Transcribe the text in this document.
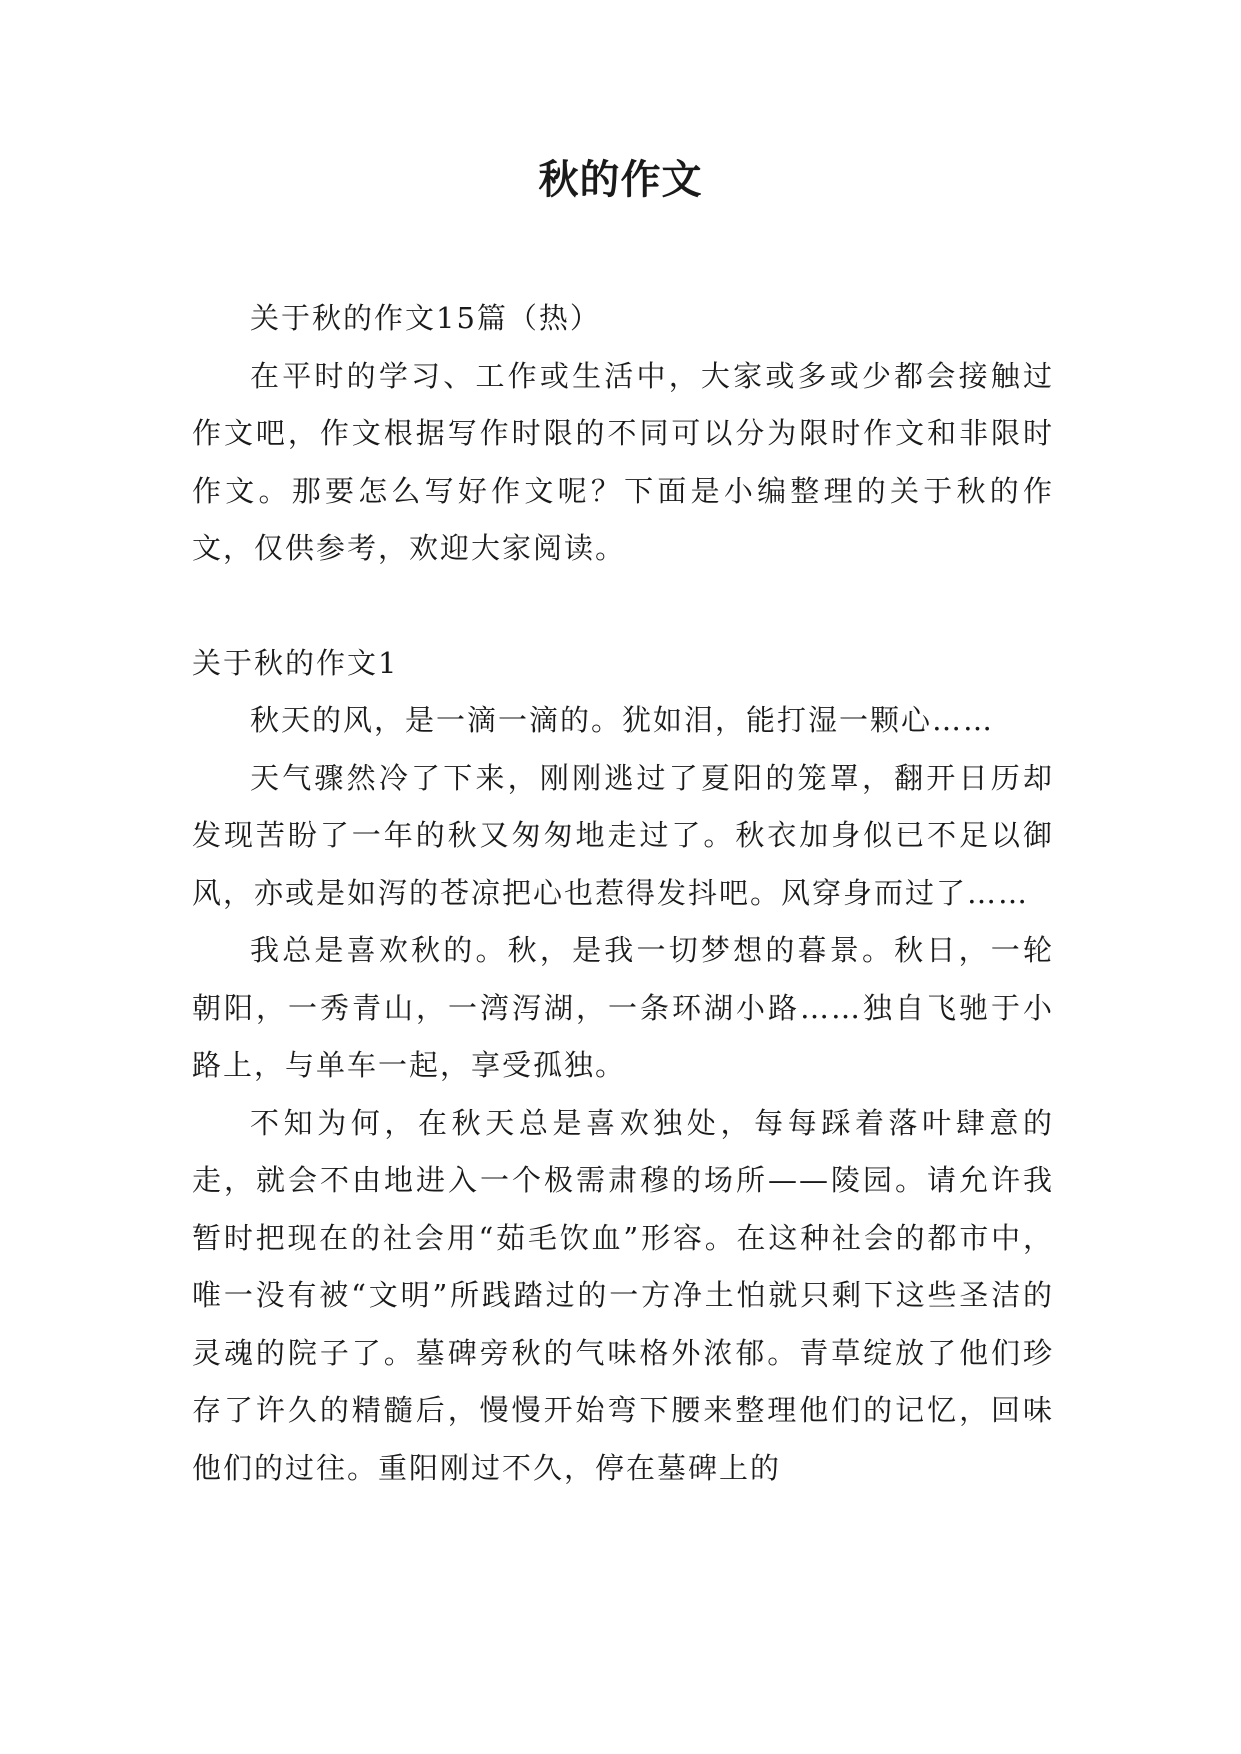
秋的作文

关于秋的作文15篇（热）

在平时的学习、工作或生活中，大家或多或少都会接触过作文吧，作文根据写作时限的不同可以分为限时作文和非限时作文。那要怎么写好作文呢？下面是小编整理的关于秋的作文，仅供参考，欢迎大家阅读。

关于秋的作文1

秋天的风，是一滴一滴的。犹如泪，能打湿一颗心……

天气骤然冷了下来，刚刚逃过了夏阳的笼罩，翻开日历却发现苦盼了一年的秋又匆匆地走过了。秋衣加身似已不足以御风，亦或是如泻的苍凉把心也惹得发抖吧。风穿身而过了……

我总是喜欢秋的。秋，是我一切梦想的暮景。秋日，一轮朝阳，一秀青山，一湾泻湖，一条环湖小路……独自飞驰于小路上，与单车一起，享受孤独。

不知为何，在秋天总是喜欢独处，每每踩着落叶肆意的走，就会不由地进入一个极需肃穆的场所——陵园。请允许我暂时把现在的社会用“茹毛饮血”形容。在这种社会的都市中，唯一没有被“文明”所践踏过的一方净土怕就只剩下这些圣洁的灵魂的院子了。墓碑旁秋的气味格外浓郁。青草绽放了他们珍存了许久的精髓后，慢慢开始弯下腰来整理他们的记忆，回味他们的过往。重阳刚过不久，停在墓碑上的
